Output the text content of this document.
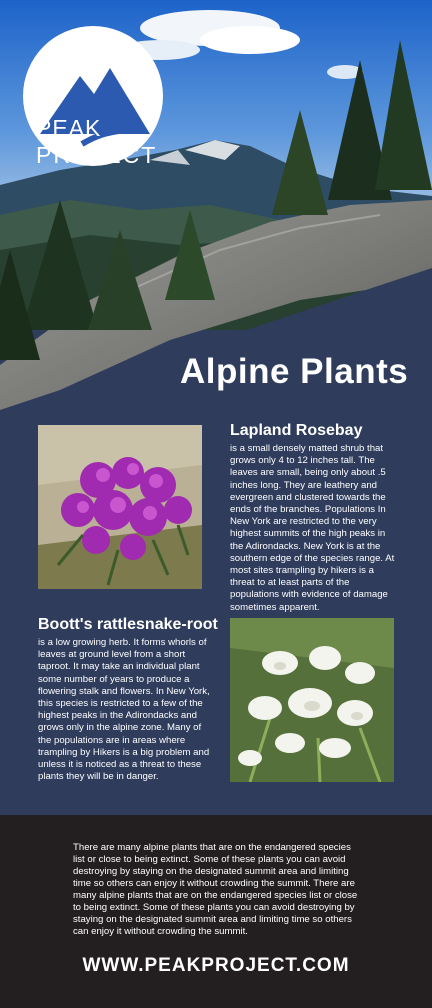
PEAK
PROJECT
Alpine Plants
Lapland Rosebay
is a small densely matted shrub that grows only 4 to 12 inches tall. The leaves are small, being only about .5 inches long. They are leathery and evergreen and clustered towards the ends of the branches. Populations In New York are restricted to the very highest summits of the high peaks in the Adirondacks. New York is at the southern edge of the species range. At most sites trampling by hikers is a threat to at least parts of the populations with evidence of damage sometimes apparent.
Boott's rattlesnake-root
is a low growing herb. It forms whorls of leaves at ground level from a short taproot. It may take an individual plant some number of years to produce a flowering stalk and flowers. In New York, this species is restricted to a few of the highest peaks in the Adirondacks and grows only in the alpine zone. Many of the populations are in areas where trampling by Hikers is a big problem and unless it is noticed as a threat to these plants they will be in danger.
There are many alpine plants that are on the endangered species list or close to being extinct. Some of these plants you can avoid destroying by staying on the designated summit area and limiting time so others can enjoy it without crowding the summit. There are many alpine plants that are on the endangered species list or close to being extinct. Some of these plants you can avoid destroying by staying on the designated summit area and limiting time so others can enjoy it without crowding the summit.
WWW.PEAKPROJECT.COM
